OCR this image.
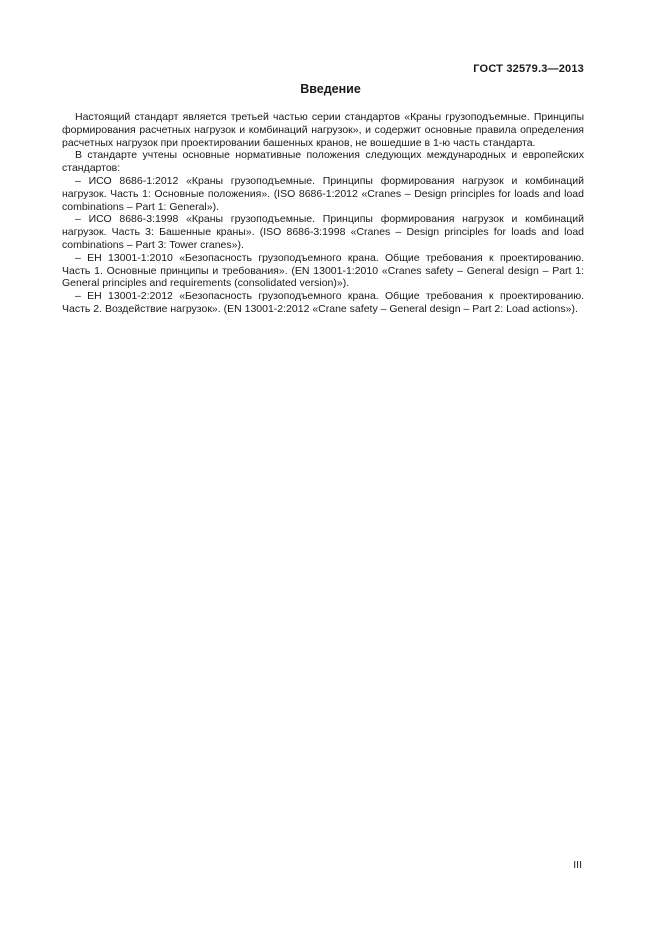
ГОСТ 32579.3—2013
Введение

Настоящий стандарт является третьей частью серии стандартов «Краны грузоподъемные. Принципы формирования расчетных нагрузок и комбинаций нагрузок», и содержит основные правила определения расчетных нагрузок при проектировании башенных кранов, не вошедшие в 1-ю часть стандарта.

В стандарте учтены основные нормативные положения следующих международных и европейских стандартов:

– ИСО 8686-1:2012 «Краны грузоподъемные. Принципы формирования нагрузок и комбинаций нагрузок. Часть 1: Основные положения». (ISO 8686-1:2012 «Cranes – Design principles for loads and load combinations – Part 1: General»).

– ИСО 8686-3:1998 «Краны грузоподъемные. Принципы формирования нагрузок и комбинаций нагрузок. Часть 3: Башенные краны». (ISO 8686-3:1998 «Cranes – Design principles for loads and load combinations – Part 3: Tower cranes»).

– ЕН 13001-1:2010 «Безопасность грузоподъемного крана. Общие требования к проектированию. Часть 1. Основные принципы и требования». (EN 13001-1:2010 «Cranes safety – General design – Part 1: General principles and requirements (consolidated version)»).

– ЕН 13001-2:2012 «Безопасность грузоподъемного крана. Общие требования к проектированию. Часть 2. Воздействие нагрузок». (EN 13001-2:2012 «Crane safety – General design – Part 2: Load actions»).

III
